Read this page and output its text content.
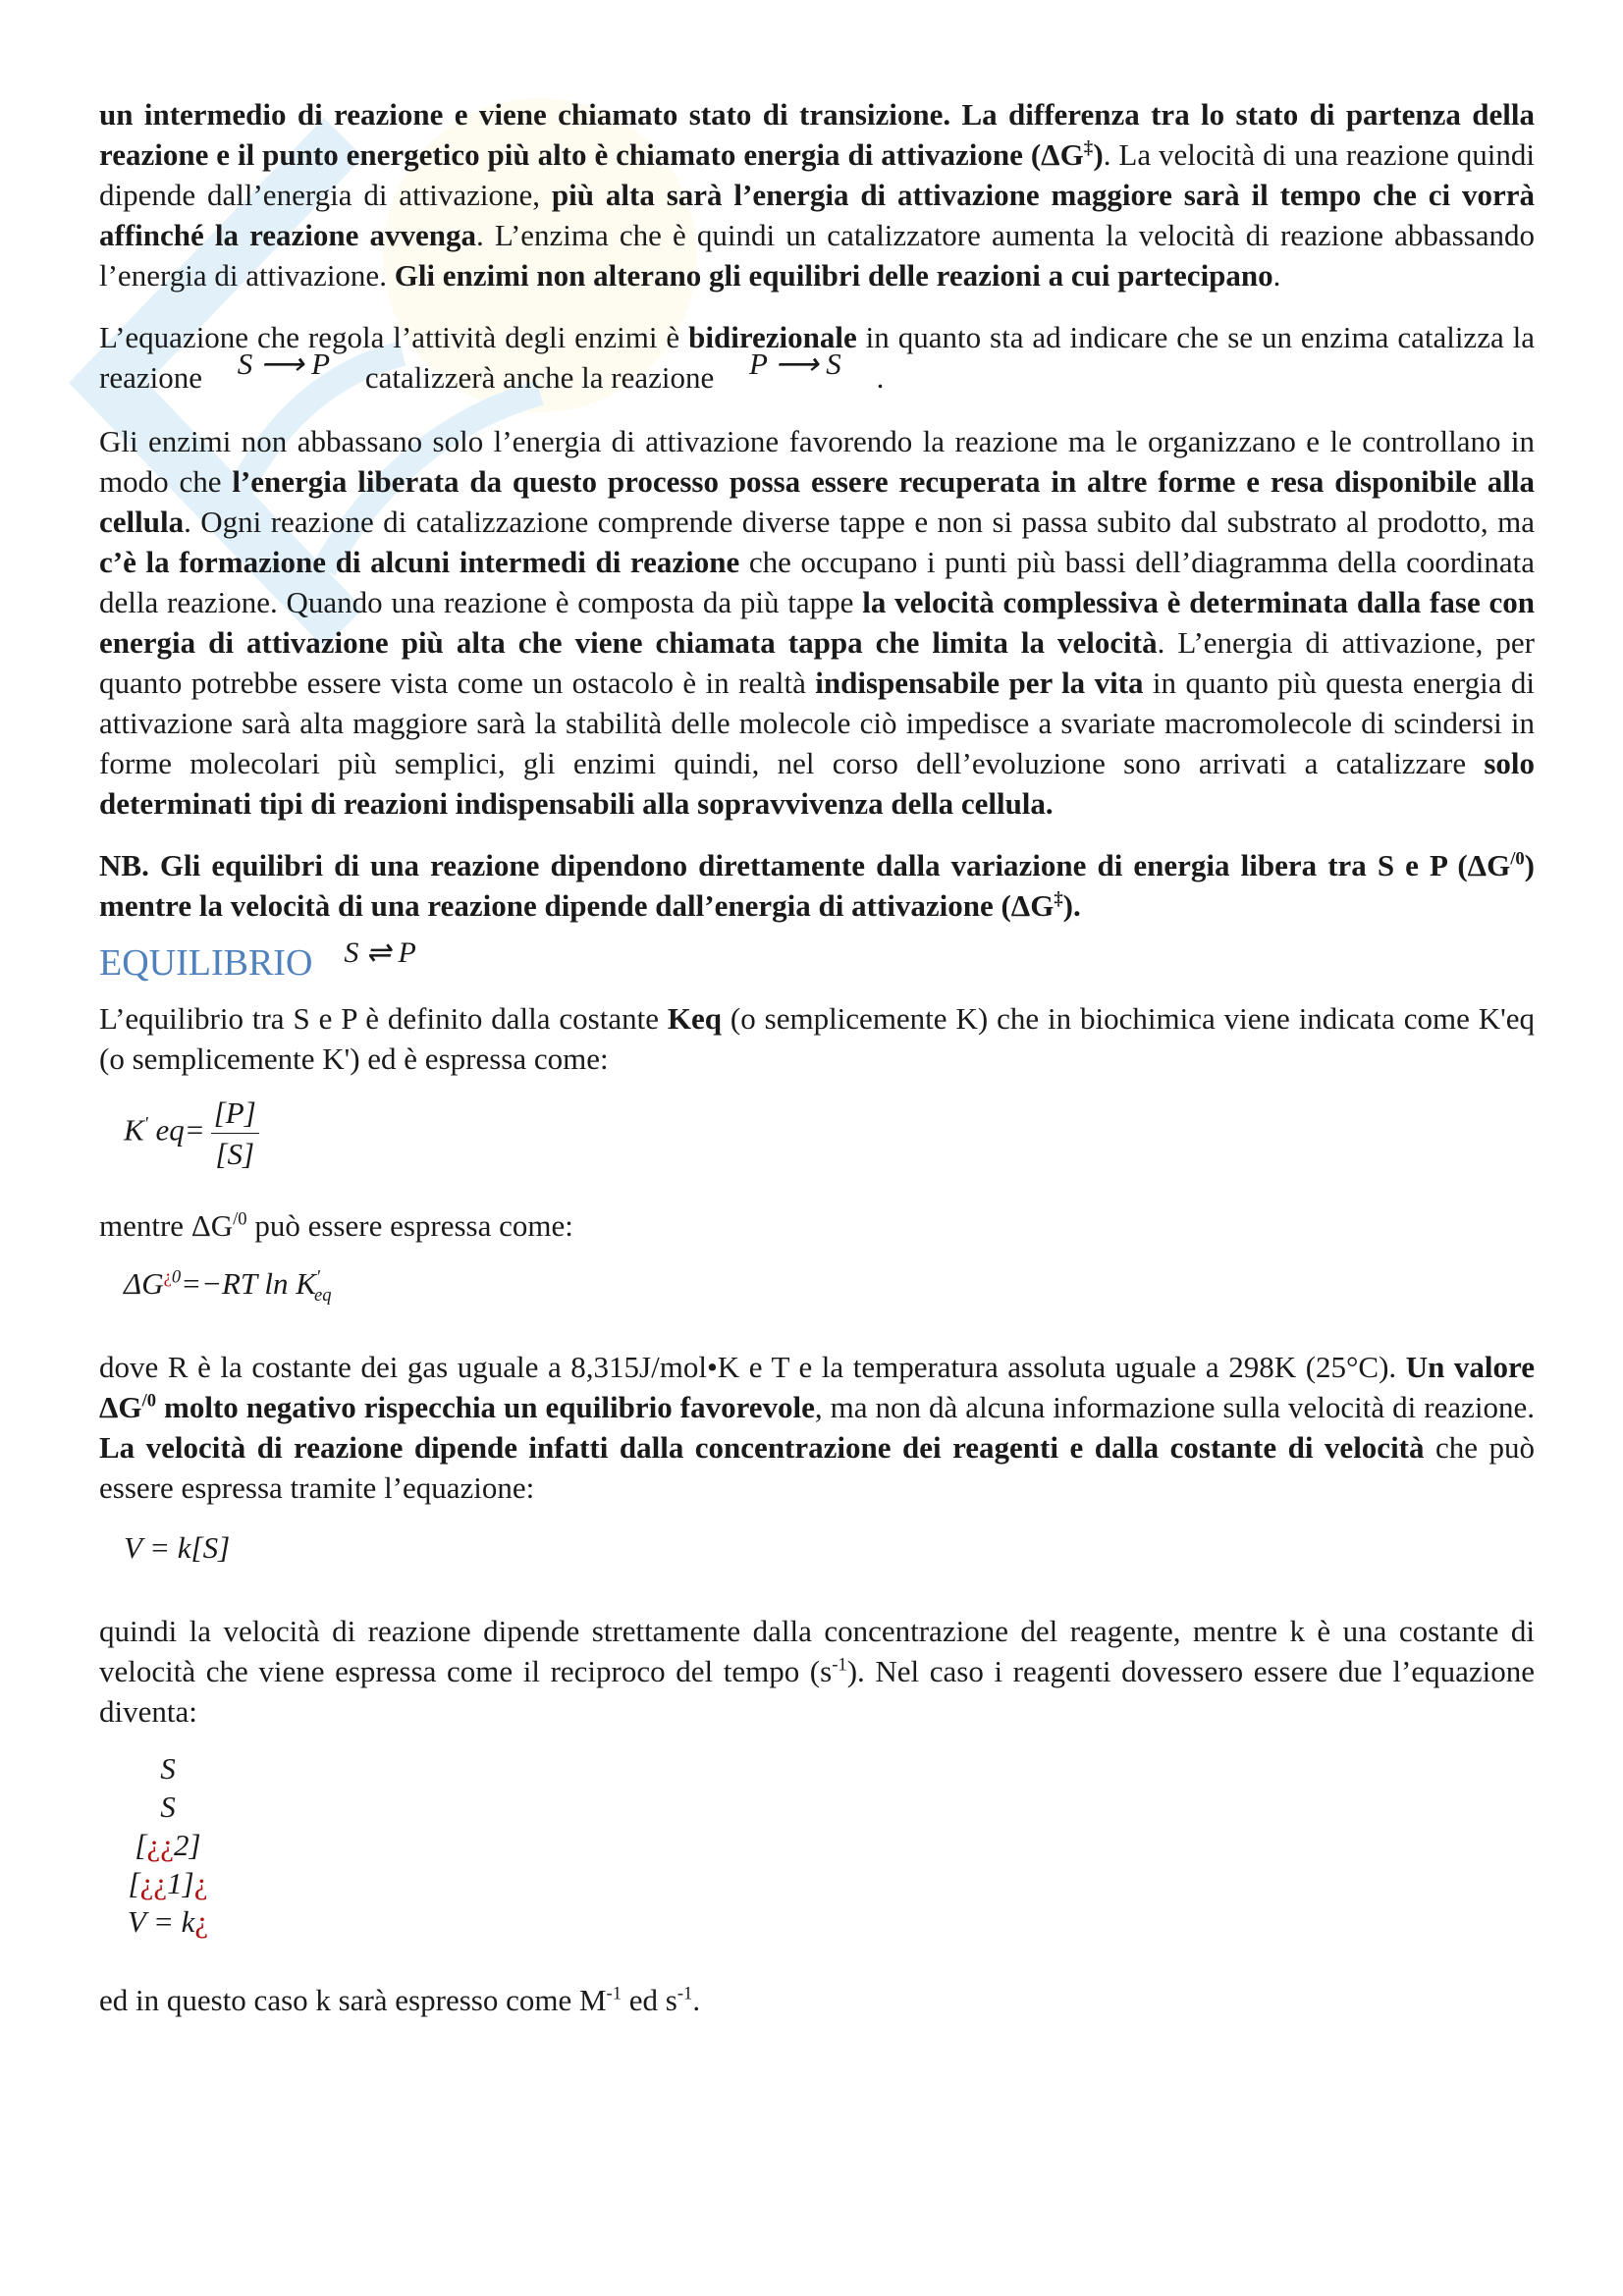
un intermedio di reazione e viene chiamato stato di transizione. La differenza tra lo stato di partenza della reazione e il punto energetico più alto è chiamato energia di attivazione (ΔG‡). La velocità di una reazione quindi dipende dall’energia di attivazione, più alta sarà l’energia di attivazione maggiore sarà il tempo che ci vorrà affinché la reazione avvenga. L’enzima che è quindi un catalizzatore aumenta la velocità di reazione abbassando l’energia di attivazione. Gli enzimi non alterano gli equilibri delle reazioni a cui partecipano.

L’equazione che regola l’attività degli enzimi è bidirezionale in quanto sta ad indicare che se un enzima catalizza la reazione S ⟶ P catalizzerà anche la reazione P ⟶ S .

Gli enzimi non abbassano solo l’energia di attivazione favorendo la reazione ma le organizzano e le controllano in modo che l’energia liberata da questo processo possa essere recuperata in altre forme e resa disponibile alla cellula. Ogni reazione di catalizzazione comprende diverse tappe e non si passa subito dal substrato al prodotto, ma c’è la formazione di alcuni intermedi di reazione che occupano i punti più bassi dell’diagramma della coordinata della reazione. Quando una reazione è composta da più tappe la velocità complessiva è determinata dalla fase con energia di attivazione più alta che viene chiamata tappa che limita la velocità. L’energia di attivazione, per quanto potrebbe essere vista come un ostacolo è in realtà indispensabile per la vita in quanto più questa energia di attivazione sarà alta maggiore sarà la stabilità delle molecole ciò impedisce a svariate macromolecole di scindersi in forme molecolari più semplici, gli enzimi quindi, nel corso dell’evoluzione sono arrivati a catalizzare solo determinati tipi di reazioni indispensabili alla sopravvivenza della cellula.

NB. Gli equilibri di una reazione dipendono direttamente dalla variazione di energia libera tra S e P $(\Delta G^{/0})$ mentre la velocità di una reazione dipende dall’energia di attivazione (ΔG‡).

EQUILIBRIO S ⇌ P

L’equilibrio tra S e P è definito dalla costante Keq (o semplicemente K) che in biochimica viene indicata come K'eq (o semplicemente K') ed è espressa come:

K′ $eq= \frac{[P]}{[S]}$

mentre $\Delta G^{/0}$ può essere espressa come:

$\Delta G^{¿0}=-RT$ $\ln K'_{eq}$

dove R è la costante dei gas uguale a 8,315J/mol•K e T e la temperatura assoluta uguale a 298K (25°C). Un valore $\Delta G^{/0}$ molto negativo rispecchia un equilibrio favorevole, ma non dà alcuna informazione sulla velocità di reazione. La velocità di reazione dipende infatti dalla concentrazione dei reagenti e dalla costante di velocità che può essere espressa tramite l’equazione:

V = k[S]

quindi la velocità di reazione dipende strettamente dalla concentrazione del reagente, mentre k è una costante di velocità che viene espressa come il reciproco del tempo $(s^{-1})$. Nel caso i reagenti dovessero essere due l’equazione diventa:

S
S
[¿¿2]
[¿¿1]¿
V = k¿

ed in questo caso k sarà espresso come $M^{-1}$ ed $s^{-1}$.
